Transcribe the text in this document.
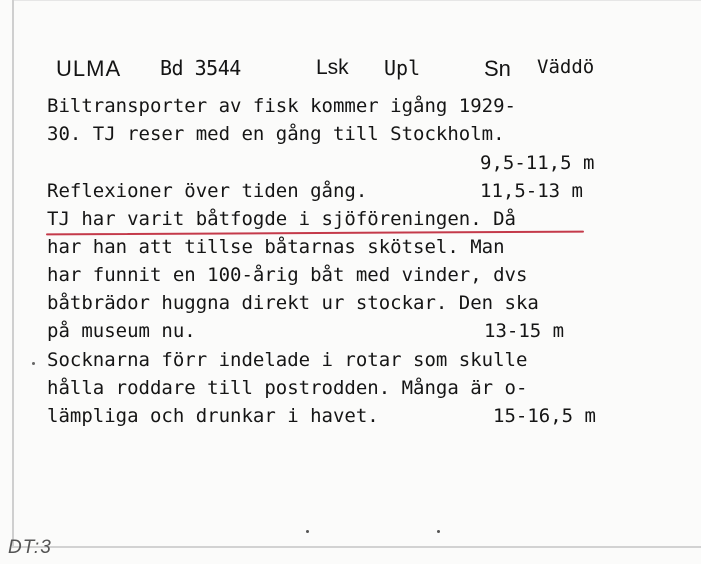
ULMA Bd 3544	Lsk Upl	Sn Väddö
Biltransporter av fisk kommer igång 1929-
30. TJ reser med en gång till Stockholm.
9,5-11,5 m
Reflexioner över tiden gång.	11,5-13 m
TJ har varit båtfogde i sjöföreningen. Då
har han att tillse båtarnas skötsel. Man
har funnit en 100-årig båt med vinder, dvs
båtbrädor huggna direkt ur stockar. Den ska
på museum nu.	13-15 m
Socknarna förr indelade i rotar som skulle
hålla roddare till postrodden. Många är o-
lämpliga och drunkar i havet.	15-16,5 m
DT:3
